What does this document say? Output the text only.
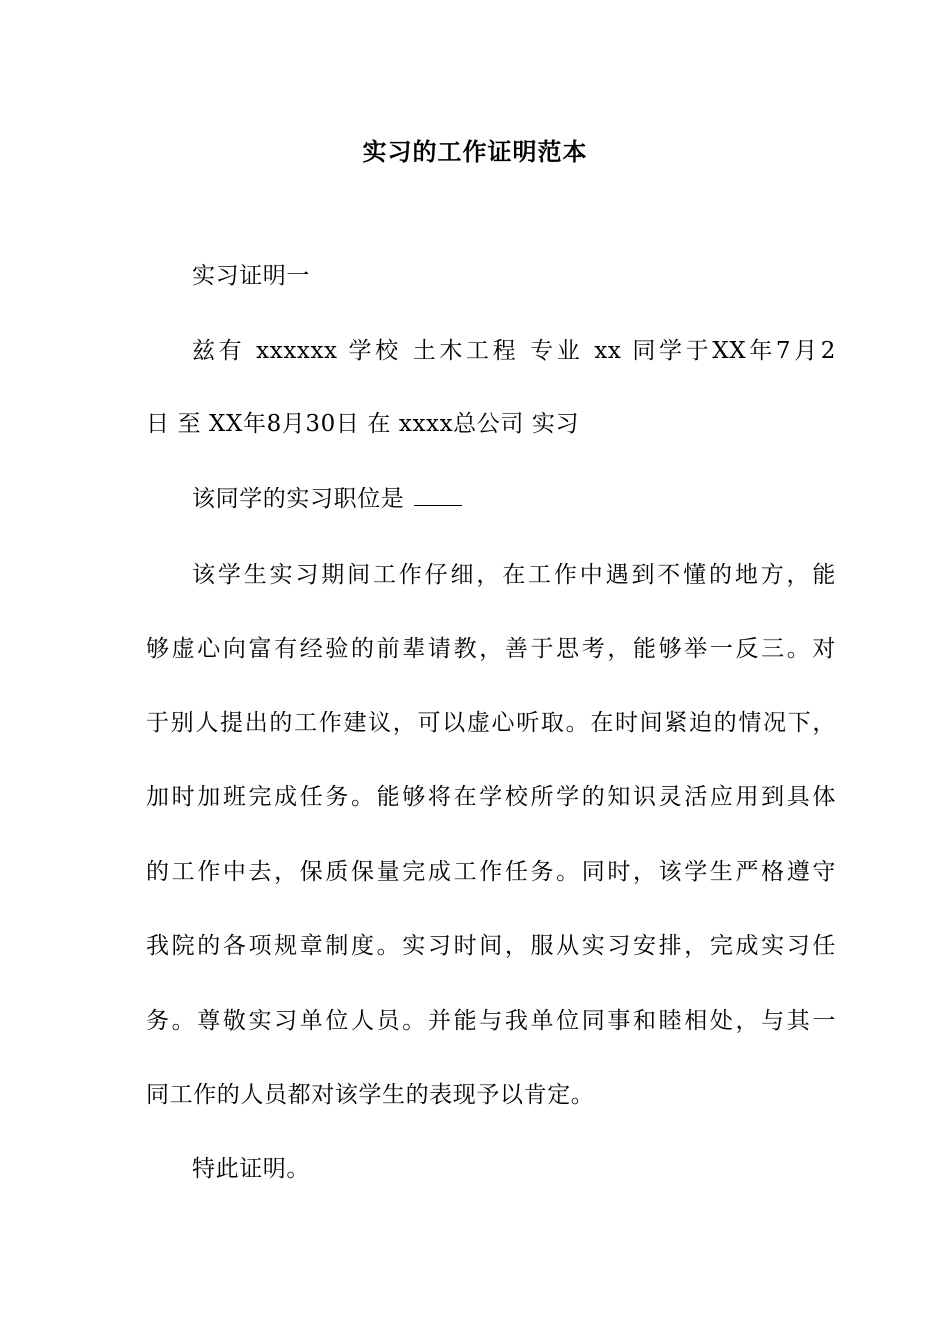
实习的工作证明范本
实习证明一
兹有 xxxxxx 学校 土木工程 专业 xx 同学于XX年7月2
日 至 XX年8月30日 在 xxxx总公司 实习
该同学的实习职位是
该学生实习期间工作仔细，在工作中遇到不懂的地方，能
够虚心向富有经验的前辈请教，善于思考，能够举一反三。对
于别人提出的工作建议，可以虚心听取。在时间紧迫的情况下，
加时加班完成任务。能够将在学校所学的知识灵活应用到具体
的工作中去，保质保量完成工作任务。同时，该学生严格遵守
我院的各项规章制度。实习时间，服从实习安排，完成实习任
务。尊敬实习单位人员。并能与我单位同事和睦相处，与其一
同工作的人员都对该学生的表现予以肯定。
特此证明。
